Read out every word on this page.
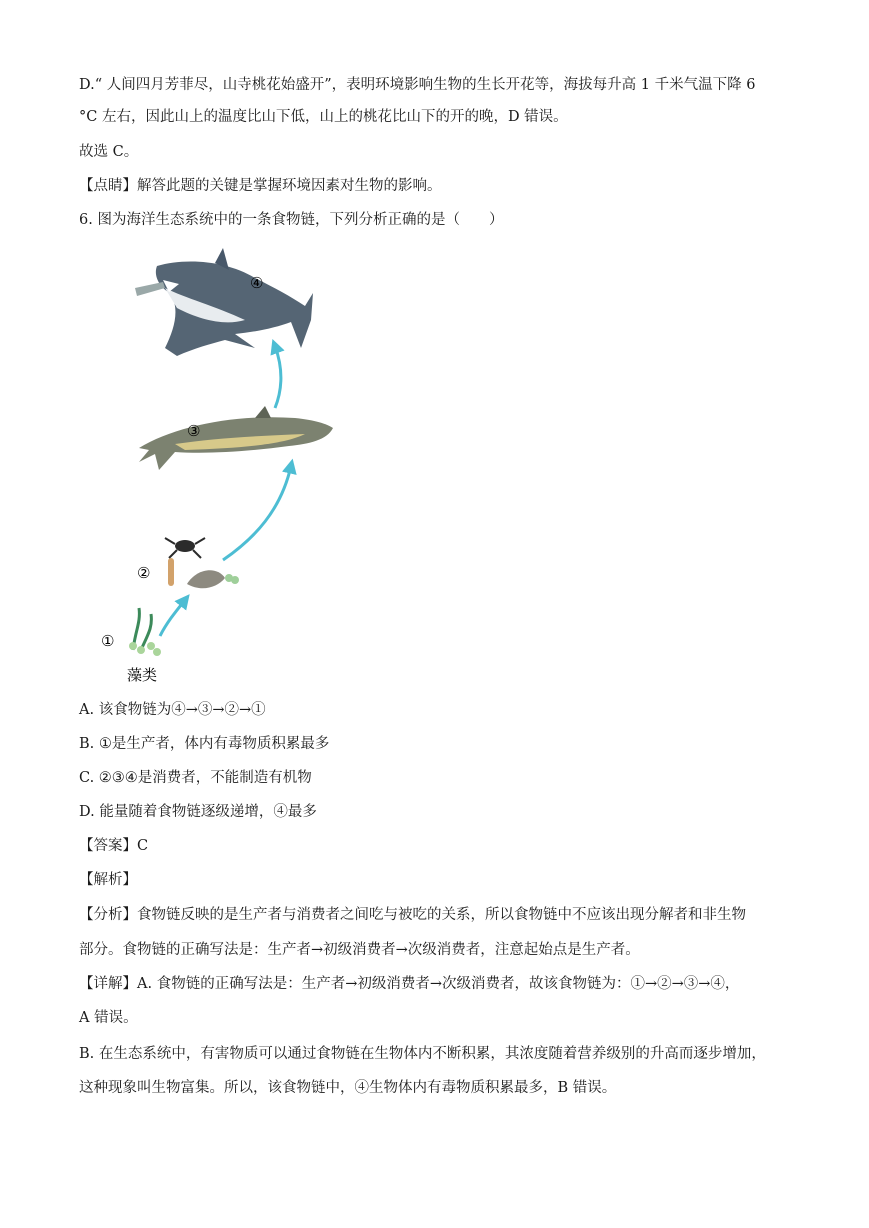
D.“ 人间四月芳菲尽，山寺桃花始盛开”，表明环境影响生物的生长开花等，海拔每升高 1 千米气温下降 6
°C 左右，因此山上的温度比山下低，山上的桃花比山下的开的晚，D 错误。
故选 C。
【点睛】解答此题的关键是掌握环境因素对生物的影响。
6. 图为海洋生态系统中的一条食物链，下列分析正确的是（　　）
④
③
②
①
藻类
A. 该食物链为④→③→②→①
B. ①是生产者，体内有毒物质积累最多
C. ②③④是消费者，不能制造有机物
D. 能量随着食物链逐级递增，④最多
【答案】C
【解析】
【分析】食物链反映的是生产者与消费者之间吃与被吃的关系，所以食物链中不应该出现分解者和非生物
部分。食物链的正确写法是：生产者→初级消费者→次级消费者，注意起始点是生产者。
【详解】A. 食物链的正确写法是：生产者→初级消费者→次级消费者，故该食物链为：①→②→③→④，
A 错误。
B. 在生态系统中，有害物质可以通过食物链在生物体内不断积累，其浓度随着营养级别的升高而逐步增加，
这种现象叫生物富集。所以，该食物链中，④生物体内有毒物质积累最多，B 错误。
